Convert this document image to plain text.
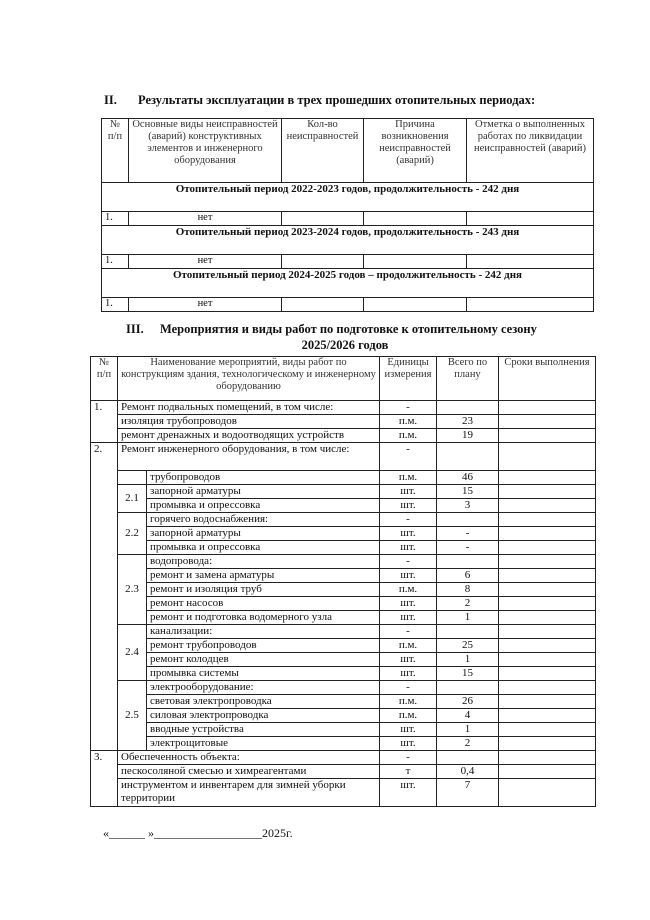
II. Результаты эксплуатации в трех прошедших отопительных периодах:
№ п/п	Основные виды неисправностей (аварий) конструктивных элементов и инженерного оборудования	Кол-во неисправностей	Причина возникновения неисправностей (аварий)	Отметка о выполненных работах по ликвидации неисправностей (аварий)
Отопительный период 2022-2023 годов, продолжительность - 242 дня				
1.	нет			
Отопительный период 2023-2024 годов, продолжительность - 243 дня				
1.	нет			
Отопительный период 2024-2025 годов – продолжительность - 242 дня				
1.	нет			
III. Мероприятия и виды работ по подготовке к отопительному сезону
2025/2026 годов
№ п/п	Наименование мероприятий, виды работ по конструкциям здания, технологическому и инженерному оборудованию		Единицы измерения	Всего по плану	Сроки выполнения
1.	Ремонт подвальных помещений, в том числе:		-		
	изоляция трубопроводов		п.м.	23	
	ремонт дренажных и водоотводящих устройств		п.м.	19	
2.	Ремонт инженерного оборудования, в том числе:		-		
		трубопроводов	п.м.	46	
	2.1	запорной арматуры	шт.	15	
		промывка и опрессовка	шт.	3	
	2.2	горячего водоснабжения:	-		
		запорной арматуры	шт.	-	
		промывка и опрессовка	шт.	-	
	2.3	водопровода:	-		
		ремонт и замена арматуры	шт.	6	
		ремонт и изоляция труб	п.м.	8	
		ремонт насосов	шт.	2	
		ремонт и подготовка водомерного узла	шт.	1	
	2.4	канализации:	-		
		ремонт трубопроводов	п.м.	25	
		ремонт колодцев	шт.	1	
		промывка системы	шт.	15	
	2.5	электрооборудование:	-		
		световая электропроводка	п.м.	26	
		силовая электропроводка	п.м.	4	
		вводные устройства	шт.	1	
		электрощитовые	шт.	2	
3.	Обеспеченность объекта:		-		
	пескосоляной смесью и химреагентами		т	0,4	
	инструментом и инвентарем для зимней уборки территории		шт.	7	
«______ »__________________2025г.
